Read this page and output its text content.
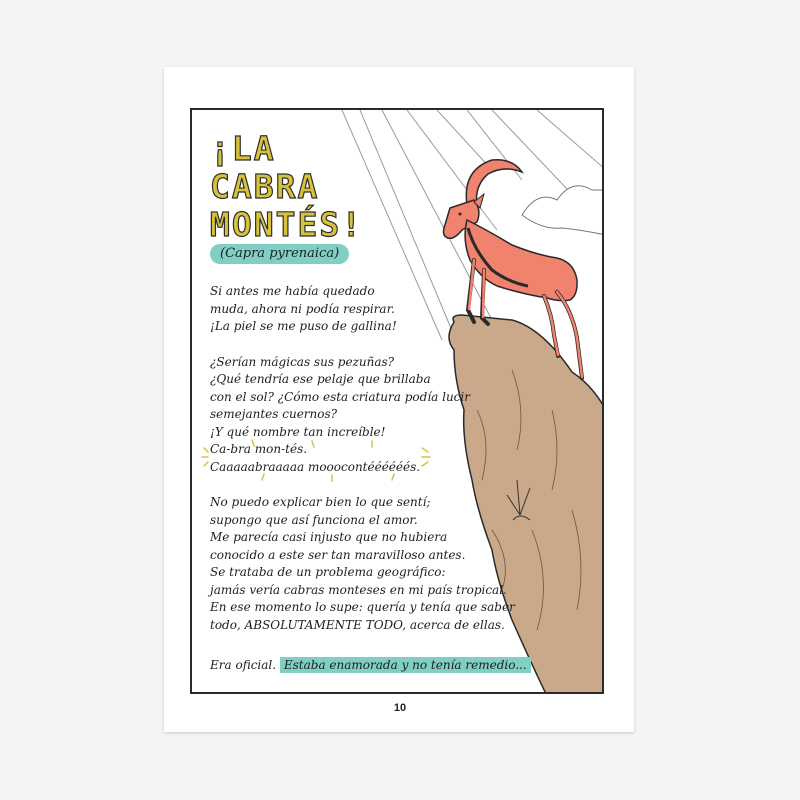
¡LA
CABRA
MONTÉS!
(Capra pyrenaica)

Si antes me había quedado
muda, ahora ni podía respirar.
¡La piel se me puso de gallina!

¿Serían mágicas sus pezuñas?
¿Qué tendría ese pelaje que brillaba
con el sol? ¿Cómo esta criatura podía lucir
semejantes cuernos?
¡Y qué nombre tan increíble!
Ca-bra mon-tés.
Caaaaabraaaaa mooocontéééééés.

No puedo explicar bien lo que sentí;
supongo que así funciona el amor.
Me parecía casi injusto que no hubiera
conocido a este ser tan maravilloso antes.
Se trataba de un problema geográfico:
jamás vería cabras monteses en mi país tropical.
En ese momento lo supe: quería y tenía que saber
todo, ABSOLUTAMENTE TODO, acerca de ellas.

Era oficial. Estaba enamorada y no tenía remedio...
10
